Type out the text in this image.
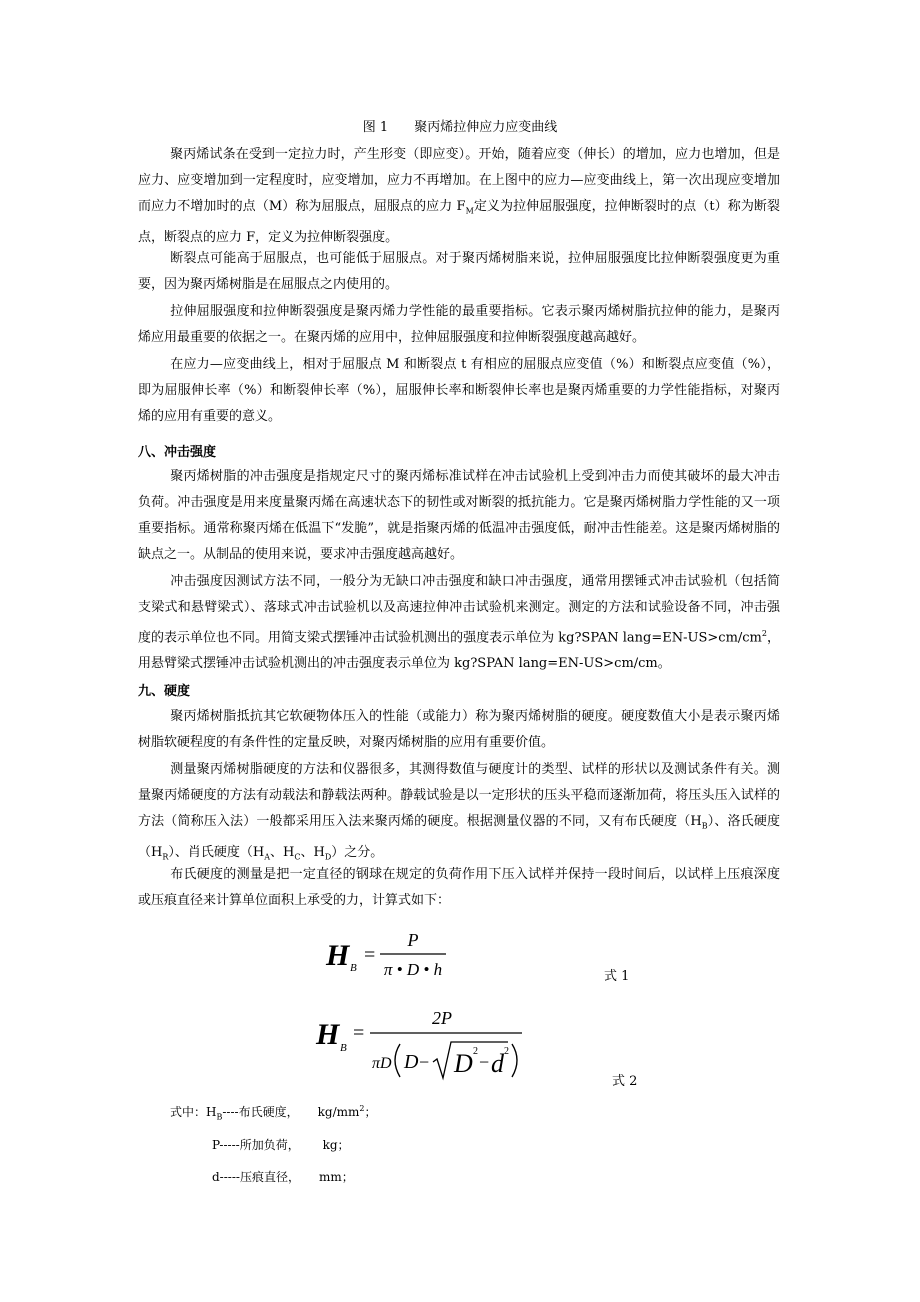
图 1 聚丙烯拉伸应力应变曲线

聚丙烯试条在受到一定拉力时，产生形变（即应变）。开始，随着应变（伸长）的增加，应力也增加，但是应力、应变增加到一定程度时，应变增加，应力不再增加。在上图中的应力—应变曲线上，第一次出现应变增加而应力不增加时的点（M）称为屈服点，屈服点的应力 $F_M$定义为拉伸屈服强度，拉伸断裂时的点（t）称为断裂点，断裂点的应力 F，定义为拉伸断裂强度。

断裂点可能高于屈服点，也可能低于屈服点。对于聚丙烯树脂来说，拉伸屈服强度比拉伸断裂强度更为重要，因为聚丙烯树脂是在屈服点之内使用的。

拉伸屈服强度和拉伸断裂强度是聚丙烯力学性能的最重要指标。它表示聚丙烯树脂抗拉伸的能力，是聚丙烯应用最重要的依据之一。在聚丙烯的应用中，拉伸屈服强度和拉伸断裂强度越高越好。

在应力—应变曲线上，相对于屈服点 M 和断裂点 t 有相应的屈服点应变值（%）和断裂点应变值（%），即为屈服伸长率（%）和断裂伸长率（%），屈服伸长率和断裂伸长率也是聚丙烯重要的力学性能指标，对聚丙烯的应用有重要的意义。

八、冲击强度

聚丙烯树脂的冲击强度是指规定尺寸的聚丙烯标准试样在冲击试验机上受到冲击力而使其破坏的最大冲击负荷。冲击强度是用来度量聚丙烯在高速状态下的韧性或对断裂的抵抗能力。它是聚丙烯树脂力学性能的又一项重要指标。通常称聚丙烯在低温下“发脆”，就是指聚丙烯的低温冲击强度低，耐冲击性能差。这是聚丙烯树脂的缺点之一。从制品的使用来说，要求冲击强度越高越好。

冲击强度因测试方法不同，一般分为无缺口冲击强度和缺口冲击强度，通常用摆锤式冲击试验机（包括简支梁式和悬臂梁式）、落球式冲击试验机以及高速拉伸冲击试验机来测定。测定的方法和试验设备不同，冲击强度的表示单位也不同。用简支梁式摆锤冲击试验机测出的强度表示单位为 kg?SPAN $lang=EN-US>cm/cm^2$，用悬臂梁式摆锤冲击试验机测出的冲击强度表示单位为 kg?SPAN lang=EN-US>cm/cm。

九、硬度

聚丙烯树脂抵抗其它软硬物体压入的性能（或能力）称为聚丙烯树脂的硬度。硬度数值大小是表示聚丙烯树脂软硬程度的有条件性的定量反映，对聚丙烯树脂的应用有重要价值。

测量聚丙烯树脂硬度的方法和仪器很多，其测得数值与硬度计的类型、试样的形状以及测试条件有关。测量聚丙烯硬度的方法有动载法和静载法两种。静载试验是以一定形状的压头平稳而逐渐加荷，将压头压入试样的方法（简称压入法）一般都采用压入法来聚丙烯的硬度。根据测量仪器的不同，又有布氏硬度$(H_B)$、洛氏硬度$(H_R)$、肖氏硬度（$H_A$、$H_C$、$H_D$）之分。

布氏硬度的测量是把一定直径的钢球在规定的负荷作用下压入试样并保持一段时间后，以试样上压痕深度或压痕直径来计算单位面积上承受的力，计算式如下：

H B
=
P
π • D • h	式 1
H B
=
2P
πD D − D 2
− d 2
式 2
式中：$H_B----$布氏硬度，     $kg/mm^2$；
P-----所加负荷，      kg；
d-----压痕直径，     mm；
